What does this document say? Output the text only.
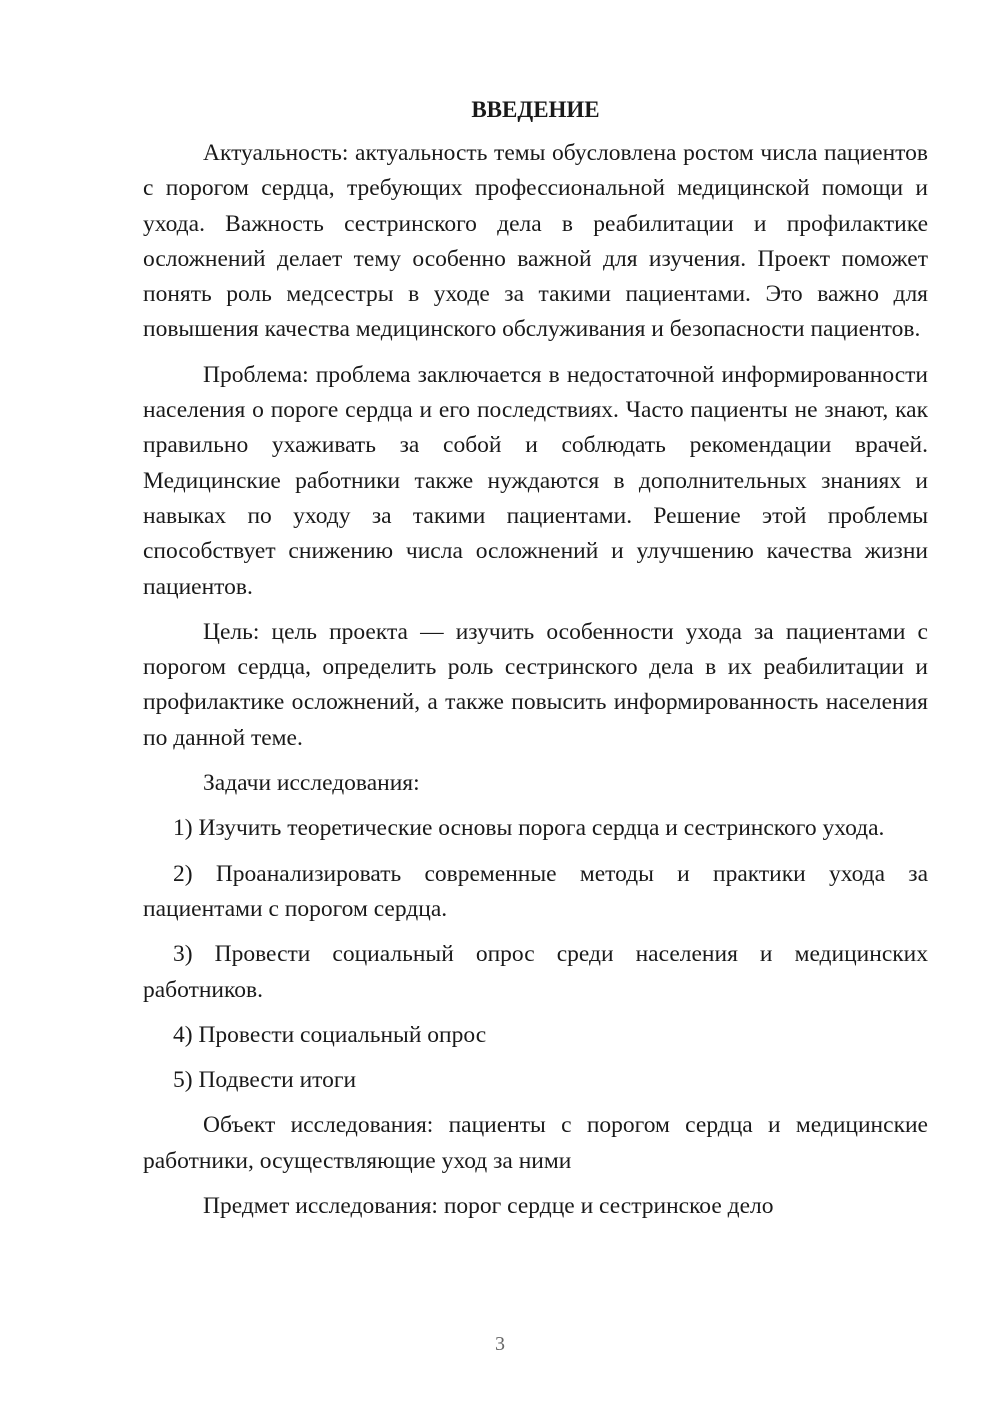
ВВЕДЕНИЕ

Актуальность: актуальность темы обусловлена ростом числа пациентов с порогом сердца, требующих профессиональной медицинской помощи и ухода. Важность сестринского дела в реабилитации и профилактике осложнений делает тему особенно важной для изучения. Проект поможет понять роль медсестры в уходе за такими пациентами. Это важно для повышения качества медицинского обслуживания и безопасности пациентов.

Проблема: проблема заключается в недостаточной информированности населения о пороге сердца и его последствиях. Часто пациенты не знают, как правильно ухаживать за собой и соблюдать рекомендации врачей. Медицинские работники также нуждаются в дополнительных знаниях и навыках по уходу за такими пациентами. Решение этой проблемы способствует снижению числа осложнений и улучшению качества жизни пациентов.

Цель: цель проекта — изучить особенности ухода за пациентами с порогом сердца, определить роль сестринского дела в их реабилитации и профилактике осложнений, а также повысить информированность населения по данной теме.

Задачи исследования:

1) Изучить теоретические основы порога сердца и сестринского ухода.

2) Проанализировать современные методы и практики ухода за пациентами с порогом сердца.

3) Провести социальный опрос среди населения и медицинских работников.

4) Провести социальный опрос

5) Подвести итоги

Объект исследования: пациенты с порогом сердца и медицинские работники, осуществляющие уход за ними

Предмет исследования: порог сердце и сестринское дело

3
